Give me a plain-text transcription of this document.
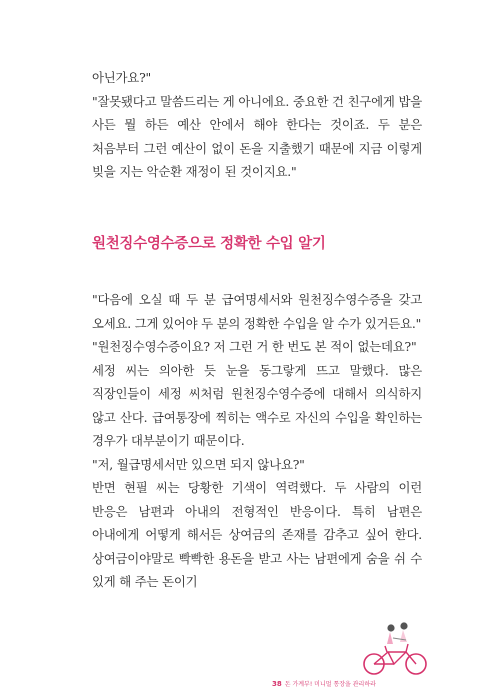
아닌가요?"

"잘못됐다고 말씀드리는 게 아니에요. 중요한 건 친구에게 밥을 사든 뭘 하든 예산 안에서 해야 한다는 것이죠. 두 분은 처음부터 그런 예산이 없이 돈을 지출했기 때문에 지금 이렇게 빚을 지는 악순환 재정이 된 것이지요."

원천징수영수증으로 정확한 수입 알기

"다음에 오실 때 두 분 급여명세서와 원천징수영수증을 갖고 오세요. 그게 있어야 두 분의 정확한 수입을 알 수가 있거든요."

"원천징수영수증이요? 저 그런 거 한 번도 본 적이 없는데요?"

세정 씨는 의아한 듯 눈을 동그랗게 뜨고 말했다. 많은 직장인들이 세정 씨처럼 원천징수영수증에 대해서 의식하지 않고 산다. 급여통장에 찍히는 액수로 자신의 수입을 확인하는 경우가 대부분이기 때문이다.

"저, 월급명세서만 있으면 되지 않나요?"

반면 현필 씨는 당황한 기색이 역력했다. 두 사람의 이런 반응은 남편과 아내의 전형적인 반응이다. 특히 남편은 아내에게 어떻게 해서든 상여금의 존재를 감추고 싶어 한다. 상여금이야말로 빡빡한 용돈을 받고 사는 남편에게 숨을 쉬 수 있게 해 주는 돈이기

38 돈 가계부! 미니멀 통장을 관리하라
